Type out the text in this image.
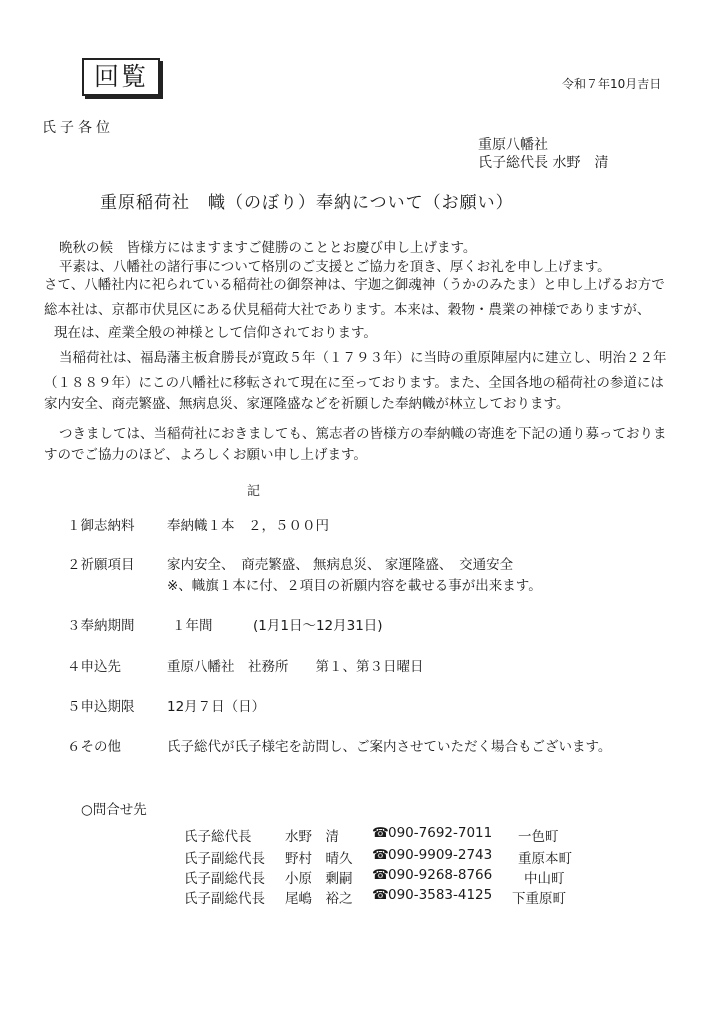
回覧	令和７年10月吉日
氏子各位
重原八幡社
氏子総代長 水野　清
重原稲荷社　幟（のぼり）奉納について（お願い）
晩秋の候　皆様方にはますますご健勝のこととお慶び申し上げます。
平素は、八幡社の諸行事について格別のご支援とご協力を頂き、厚くお礼を申し上げます。
さて、八幡社内に祀られている稲荷社の御祭神は、宇迦之御魂神（うかのみたま）と申し上げるお方で
総本社は、京都市伏見区にある伏見稲荷大社であります。本来は、穀物・農業の神様でありますが、
現在は、産業全般の神様として信仰されております。
当稲荷社は、福島藩主板倉勝長が寛政５年（１７９３年）に当時の重原陣屋内に建立し、明治２２年
（１８８９年）にこの八幡社に移転されて現在に至っております。また、全国各地の稲荷社の参道には
家内安全、商売繁盛、無病息災、家運隆盛などを祈願した奉納幟が林立しております。
つきましては、当稲荷社におきましても、篤志者の皆様方の奉納幟の寄進を下記の通り募っておりま
すのでご協力のほど、よろしくお願い申し上げます。
記
１御志納料 奉納幟１本　２，５００円
２祈願項目 家内安全、　商売繁盛、 無病息災、 家運隆盛、　交通安全
※、幟旗１本に付、２項目の祈願内容を載せる事が出来ます。
３奉納期間	１年間　　　(1月1日〜12月31日)
４申込先	重原八幡社　社務所　　第１、第３日曜日
５申込期限 12月７日（日）
６その他	氏子総代が氏子様宅を訪問し、ご案内させていただく場合もございます。
○問合せ先
氏子総代長 水野　清 ☎090-7692-7011 一色町
氏子副総代長 野村　晴久 ☎090-9909-2743 重原本町
氏子副総代長 小原　剰嗣 ☎090-9268-8766 中山町
氏子副総代長 尾嶋　裕之 ☎090-3583-4125 下重原町
